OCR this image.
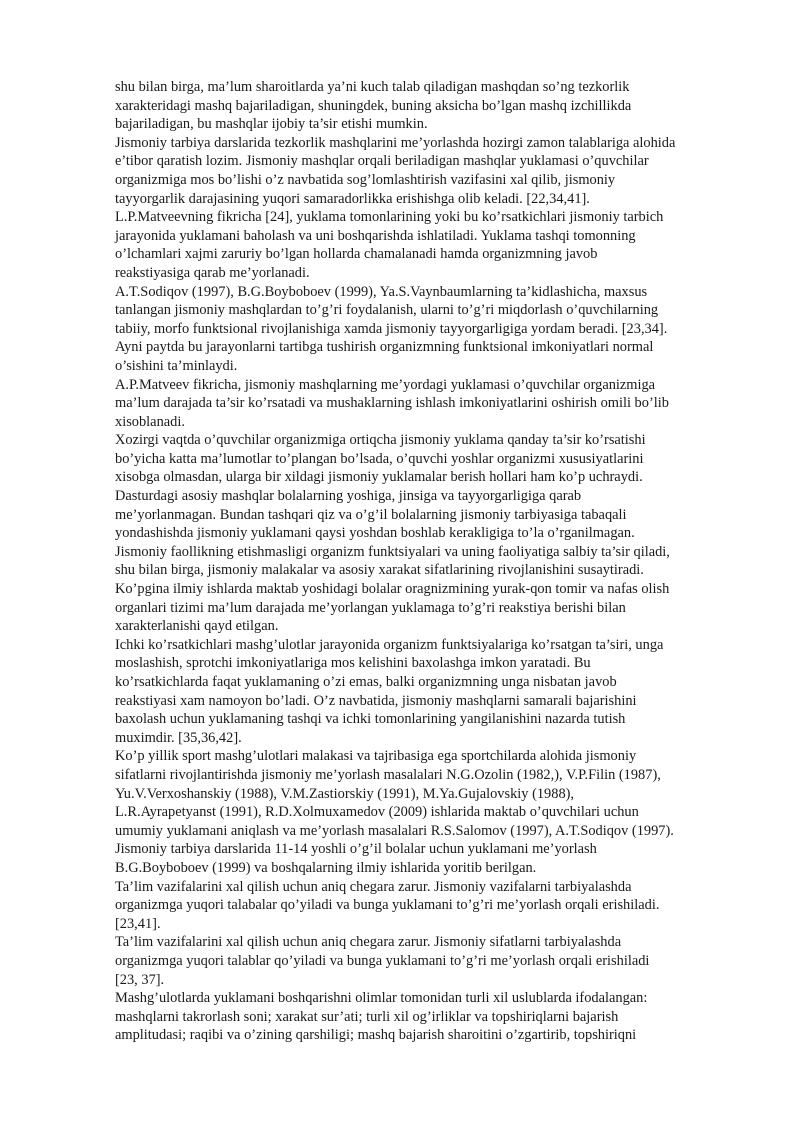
shu bilan birga, ma’lum sharoitlarda ya’ni kuch talab qiladigan mashqdan so’ng tezkorlik
xarakteridagi mashq bajariladigan, shuningdek, buning aksicha bo’lgan mashq izchillikda
bajariladigan, bu mashqlar ijobiy ta’sir etishi mumkin.
Jismoniy tarbiya darslarida tezkorlik mashqlarini me’yorlashda hozirgi zamon talablariga alohida
e’tibor qaratish lozim. Jismoniy mashqlar orqali beriladigan mashqlar yuklamasi o’quvchilar
organizmiga mos bo’lishi o’z navbatida sog’lomlashtirish vazifasini xal qilib, jismoniy
tayyorgarlik darajasining yuqori samaradorlikka erishishga olib keladi. [22,34,41].
L.P.Matveevning fikricha [24], yuklama tomonlarining yoki bu ko’rsatkichlari jismoniy tarbich
jarayonida yuklamani baholash va uni boshqarishda ishlatiladi. Yuklama tashqi tomonning
o’lchamlari xajmi zaruriy bo’lgan hollarda chamalanadi hamda organizmning javob
reakstiyasiga qarab me’yorlanadi.
A.T.Sodiqov (1997), B.G.Boyboboev (1999), Ya.S.Vaynbaumlarning ta’kidlashicha, maxsus
tanlangan jismoniy mashqlardan to’g’ri foydalanish, ularni to’g’ri miqdorlash o’quvchilarning
tabiiy, morfo funktsional rivojlanishiga xamda jismoniy tayyorgarligiga yordam beradi. [23,34].
Ayni paytda bu jarayonlarni tartibga tushirish organizmning funktsional imkoniyatlari normal
o’sishini ta’minlaydi.
A.P.Matveev fikricha, jismoniy mashqlarning me’yordagi yuklamasi o’quvchilar organizmiga
ma’lum darajada ta’sir ko’rsatadi va mushaklarning ishlash imkoniyatlarini oshirish omili bo’lib
xisoblanadi.
Xozirgi vaqtda o’quvchilar organizmiga ortiqcha jismoniy yuklama qanday ta’sir ko’rsatishi
bo’yicha katta ma’lumotlar to’plangan bo’lsada, o’quvchi yoshlar organizmi xususiyatlarini
xisobga olmasdan, ularga bir xildagi jismoniy yuklamalar berish hollari ham ko’p uchraydi.
Dasturdagi asosiy mashqlar bolalarning yoshiga, jinsiga va tayyorgarligiga qarab
me’yorlanmagan. Bundan tashqari qiz va o’g’il bolalarning jismoniy tarbiyasiga tabaqali
yondashishda jismoniy yuklamani qaysi yoshdan boshlab kerakligiga to’la o’rganilmagan.
Jismoniy faollikning etishmasligi organizm funktsiyalari va uning faoliyatiga salbiy ta’sir qiladi,
shu bilan birga, jismoniy malakalar va asosiy xarakat sifatlarining rivojlanishini susaytiradi.
Ko’pgina ilmiy ishlarda maktab yoshidagi bolalar oragnizmining yurak-qon tomir va nafas olish
organlari tizimi ma’lum darajada me’yorlangan yuklamaga to’g’ri reakstiya berishi bilan
xarakterlanishi qayd etilgan.
Ichki ko’rsatkichlari mashg’ulotlar jarayonida organizm funktsiyalariga ko’rsatgan ta’siri, unga
moslashish, sprotchi imkoniyatlariga mos kelishini baxolashga imkon yaratadi. Bu
ko’rsatkichlarda faqat yuklamaning o’zi emas, balki organizmning unga nisbatan javob
reakstiyasi xam namoyon bo’ladi. O’z navbatida, jismoniy mashqlarni samarali bajarishini
baxolash uchun yuklamaning tashqi va ichki tomonlarining yangilanishini nazarda tutish
muximdir. [35,36,42].
Ko’p yillik sport mashg’ulotlari malakasi va tajribasiga ega sportchilarda alohida jismoniy
sifatlarni rivojlantirishda jismoniy me’yorlash masalalari N.G.Ozolin (1982,), V.P.Filin (1987),
Yu.V.Verxoshanskiy (1988), V.M.Zastiorskiy (1991), M.Ya.Gujalovskiy (1988),
L.R.Ayrapetyanst (1991), R.D.Xolmuxamedov (2009) ishlarida maktab o’quvchilari uchun
umumiy yuklamani aniqlash va me’yorlash masalalari R.S.Salomov (1997), A.T.Sodiqov (1997).
Jismoniy tarbiya darslarida 11-14 yoshli o’g’il bolalar uchun yuklamani me’yorlash
B.G.Boyboboev (1999) va boshqalarning ilmiy ishlarida yoritib berilgan.
Ta’lim vazifalarini xal qilish uchun aniq chegara zarur. Jismoniy vazifalarni tarbiyalashda
organizmga yuqori talabalar qo’yiladi va bunga yuklamani to’g’ri me’yorlash orqali erishiladi.
[23,41].
Ta’lim vazifalarini xal qilish uchun aniq chegara zarur. Jismoniy sifatlarni tarbiyalashda
organizmga yuqori talablar qo’yiladi va bunga yuklamani to’g’ri me’yorlash orqali erishiladi
[23, 37].
Mashg’ulotlarda yuklamani boshqarishni olimlar tomonidan turli xil uslublarda ifodalangan:
mashqlarni takrorlash soni; xarakat sur’ati; turli xil og’irliklar va topshiriqlarni bajarish
amplitudasi; raqibi va o’zining qarshiligi; mashq bajarish sharoitini o’zgartirib, topshiriqni
